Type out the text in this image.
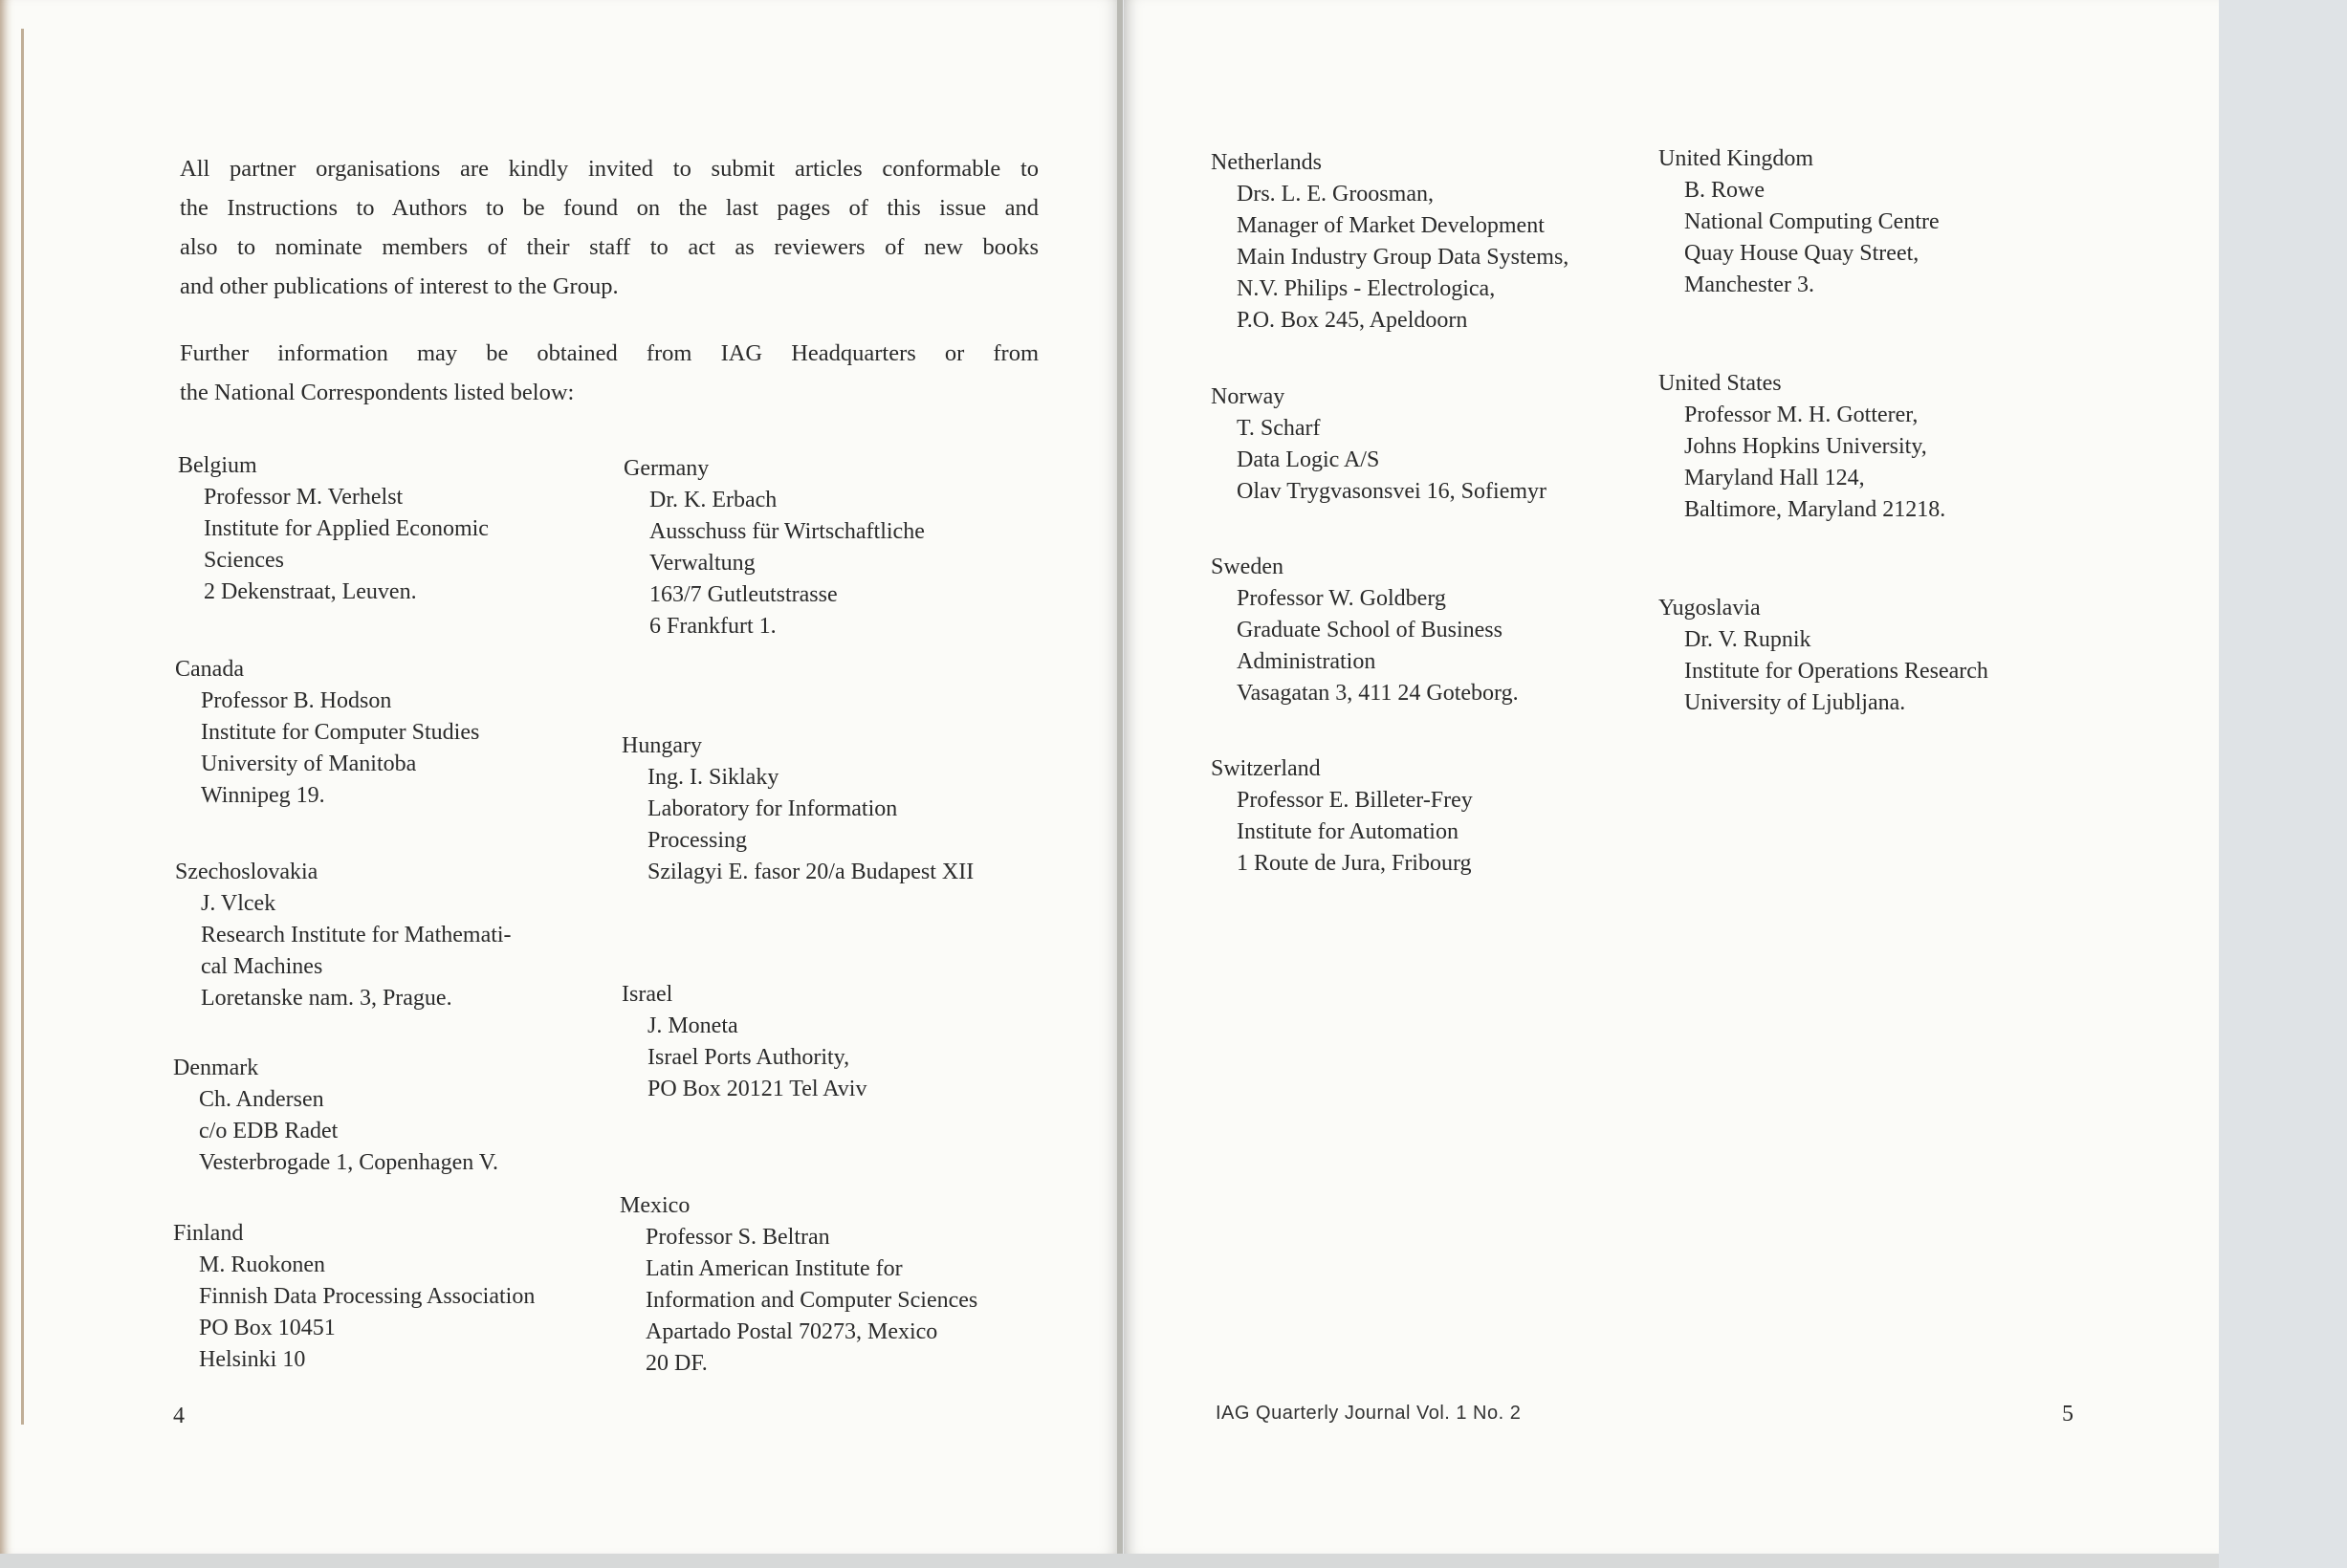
All partner organisations are kindly invited to submit articles conformable to

the Instructions to Authors to be found on the last pages of this issue and

also to nominate members of their staff to act as reviewers of new books

and other publications of interest to the Group.

Further information may be obtained from IAG Headquarters or from

the National Correspondents listed below:

Belgium
Professor M. Verhelst
Institute for Applied Economic
Sciences
2 Dekenstraat, Leuven.
Canada
Professor B. Hodson
Institute for Computer Studies
University of Manitoba
Winnipeg 19.
Szechoslovakia
J. Vlcek
Research Institute for Mathemati-
cal Machines
Loretanske nam. 3, Prague.
Denmark
Ch. Andersen
c/o EDB Radet
Vesterbrogade 1, Copenhagen V.
Finland
M. Ruokonen
Finnish Data Processing Association
PO Box 10451
Helsinki 10
Germany
Dr. K. Erbach
Ausschuss für Wirtschaftliche
Verwaltung
163/7 Gutleutstrasse
6 Frankfurt 1.
Hungary
Ing. I. Siklaky
Laboratory for Information
Processing
Szilagyi E. fasor 20/a Budapest XII
Israel
J. Moneta
Israel Ports Authority,
PO Box 20121 Tel Aviv
Mexico
Professor S. Beltran
Latin American Institute for
Information and Computer Sciences
Apartado Postal 70273, Mexico
20 DF.
4
Netherlands
Drs. L. E. Groosman,
Manager of Market Development
Main Industry Group Data Systems,
N.V. Philips - Electrologica,
P.O. Box 245, Apeldoorn
Norway
T. Scharf
Data Logic A/S
Olav Trygvasonsvei 16, Sofiemyr
Sweden
Professor W. Goldberg
Graduate School of Business
Administration
Vasagatan 3, 411 24 Goteborg.
Switzerland
Professor E. Billeter-Frey
Institute for Automation
1 Route de Jura, Fribourg
United Kingdom
B. Rowe
National Computing Centre
Quay House Quay Street,
Manchester 3.
United States
Professor M. H. Gotterer,
Johns Hopkins University,
Maryland Hall 124,
Baltimore, Maryland 21218.
Yugoslavia
Dr. V. Rupnik
Institute for Operations Research
University of Ljubljana.
IAG Quarterly Journal Vol. 1 No. 2	5
